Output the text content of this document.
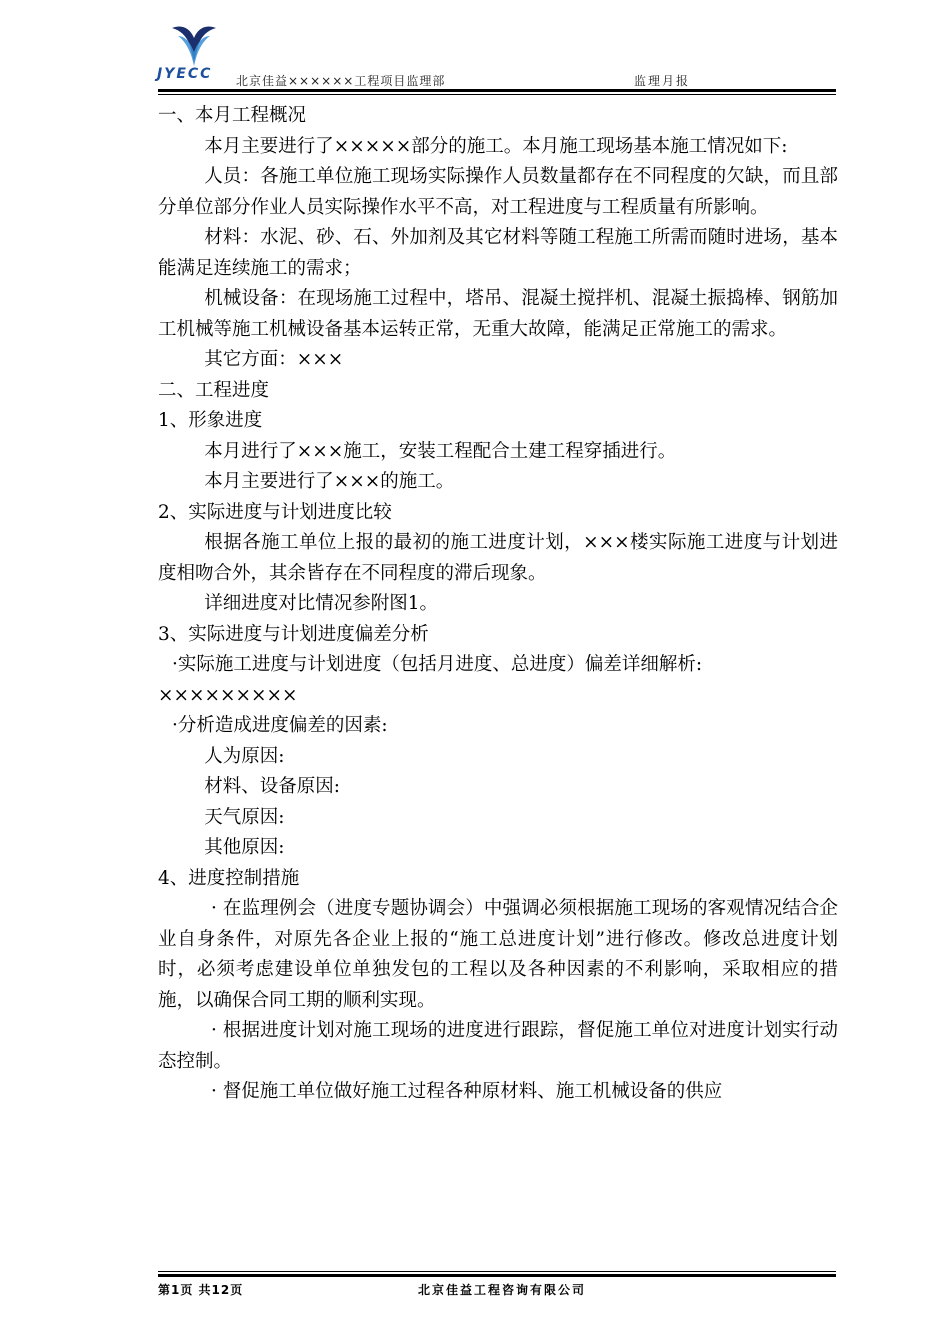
JYECC 北京佳益××××××工程项目监理部	监理月报

一、本月工程概况

本月主要进行了×××××部分的施工。本月施工现场基本施工情况如下:

人员：各施工单位施工现场实际操作人员数量都存在不同程度的欠缺，而且部分单位部分作业人员实际操作水平不高，对工程进度与工程质量有所影响。

材料：水泥、砂、石、外加剂及其它材料等随工程施工所需而随时进场，基本能满足连续施工的需求；

机械设备：在现场施工过程中，塔吊、混凝土搅拌机、混凝土振捣棒、钢筋加工机械等施工机械设备基本运转正常，无重大故障，能满足正常施工的需求。

其它方面：×××

二、工程进度

1、形象进度

本月进行了×××施工，安装工程配合土建工程穿插进行。

本月主要进行了×××的施工。

2、实际进度与计划进度比较

根据各施工单位上报的最初的施工进度计划，×××楼实际施工进度与计划进度相吻合外，其余皆存在不同程度的滞后现象。

详细进度对比情况参附图1。

3、实际进度与计划进度偏差分析

·实际施工进度与计划进度（包括月进度、总进度）偏差详细解析:

×××××××××

·分析造成进度偏差的因素:

人为原因:

材料、设备原因:

天气原因:

其他原因:

4、进度控制措施

· 在监理例会（进度专题协调会）中强调必须根据施工现场的客观情况结合企业自身条件，对原先各企业上报的“施工总进度计划”进行修改。修改总进度计划时，必须考虑建设单位单独发包的工程以及各种因素的不利影响，采取相应的措施，以确保合同工期的顺利实现。

· 根据进度计划对施工现场的进度进行跟踪，督促施工单位对进度计划实行动态控制。

· 督促施工单位做好施工过程各种原材料、施工机械设备的供应

第1页 共12页	北京佳益工程咨询有限公司
